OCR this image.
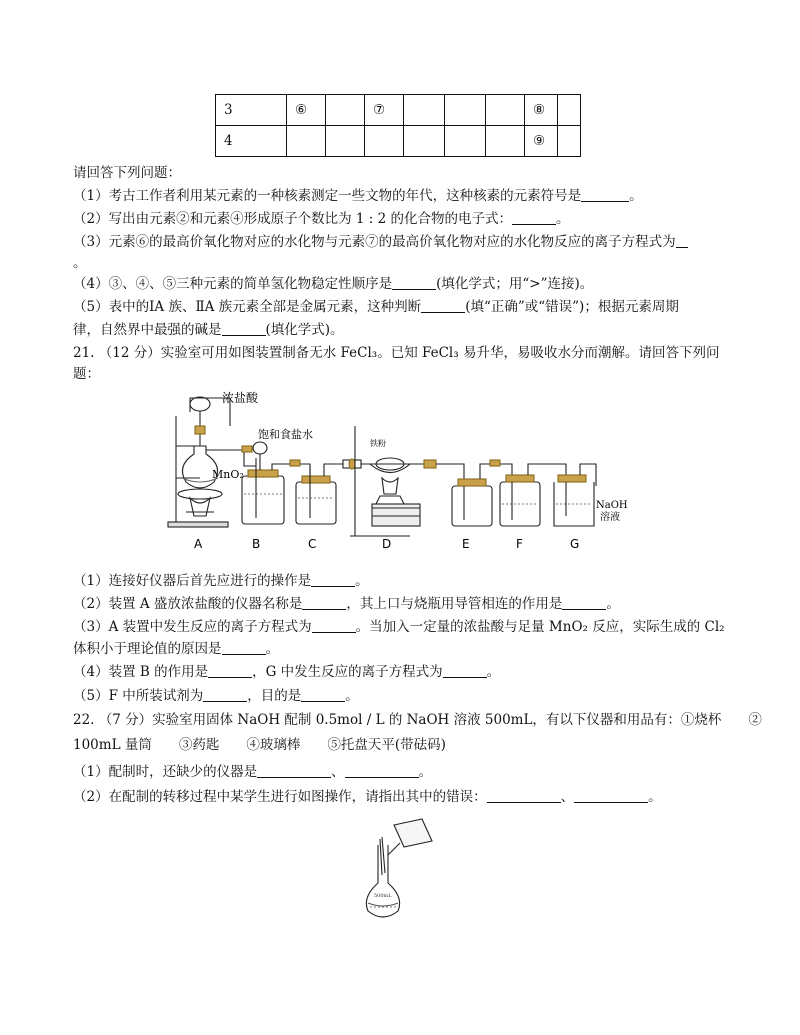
3	⑥		⑦				⑧	
4							⑨	
请回答下列问题：
（1）考古工作者利用某元素的一种核素测定一些文物的年代，这种核素的元素符号是	。
（2）写出由元素②和元素④形成原子个数比为 1 : 2 的化合物的电子式：	。
（3）元素⑥的最高价氧化物对应的水化物与元素⑦的最高价氧化物对应的水化物反应的离子方程式为
。
（4）③、④、⑤三种元素的简单氢化物稳定性顺序是	(填化学式；用“>”连接)。
（5）表中的ⅠA 族、ⅡA 族元素全部是金属元素，这种判断	(填“正确”或“错误”)；根据元素周期
律，自然界中最强的碱是	(填化学式)。
21. （12 分）实验室可用如图装置制备无水 FeCl₃。已知 FeCl₃ 易升华，易吸收水分而潮解。请回答下列问
题：
浓盐酸
饱和食盐水
MnO₂
铁粉
NaOH
溶液
A	B	C	D	E	F	G
（1）连接好仪器后首先应进行的操作是	。
（2）装置 A 盛放浓盐酸的仪器名称是	，其上口与烧瓶用导管相连的作用是	。
（3）A 装置中发生反应的离子方程式为	。当加入一定量的浓盐酸与足量 MnO₂ 反应，实际生成的 Cl₂
体积小于理论值的原因是	。
（4）装置 B 的作用是	，G 中发生反应的离子方程式为	。
（5）F 中所装试剂为	，目的是	。
22. （7 分）实验室用固体 NaOH 配制 0.5mol / L 的 NaOH 溶液 500mL，有以下仪器和用品有：①烧杯　　②
100mL 量筒　　③药匙　　④玻璃棒　　⑤托盘天平(带砝码)
（1）配制时，还缺少的仪器是	、	。
（2）在配制的转移过程中某学生进行如图操作，请指出其中的错误：	、	。
500mL
